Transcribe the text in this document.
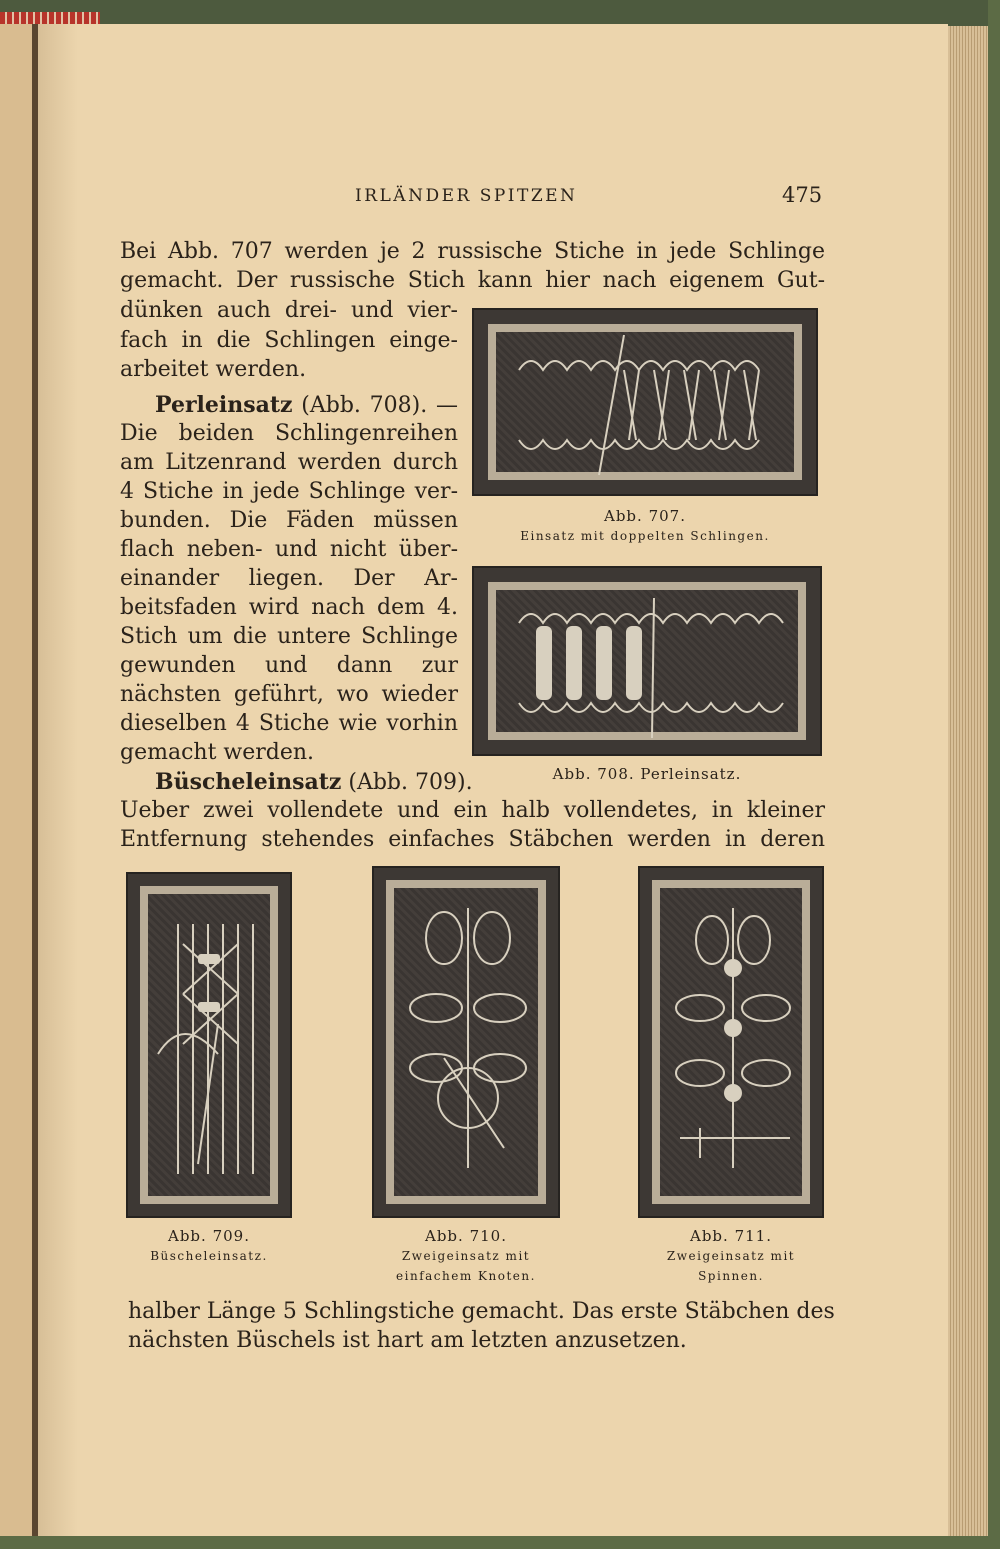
IRLÄNDER SPITZEN	475
Bei Abb. 707 werden je 2 russische Stiche in jede Schlinge
gemacht. Der russische Stich kann hier nach eigenem Gut-
dünken auch drei- und vier-
fach in die Schlingen einge-
arbeitet werden.
Perleinsatz (Abb. 708). —
Die beiden Schlingenreihen
am Litzenrand werden durch
4 Stiche in jede Schlinge ver-
bunden. Die Fäden müssen
flach neben- und nicht über-
einander liegen. Der Ar-
beitsfaden wird nach dem 4.
Stich um die untere Schlinge
gewunden und dann zur
nächsten geführt, wo wieder
dieselben 4 Stiche wie vorhin
gemacht werden.
Büscheleinsatz (Abb. 709).
Ueber zwei vollendete und ein halb vollendetes, in kleiner
Entfernung stehendes einfaches Stäbchen werden in deren
halber Länge 5 Schlingstiche gemacht. Das erste Stäbchen des
nächsten Büschels ist hart am letzten anzusetzen.
Abb. 707.
Einsatz mit doppelten Schlingen.
Abb. 708. Perleinsatz.
Abb. 709.
Büscheleinsatz.
Abb. 710.
Zweigeinsatz mit
einfachem Knoten.
Abb. 711.
Zweigeinsatz mit
Spinnen.
